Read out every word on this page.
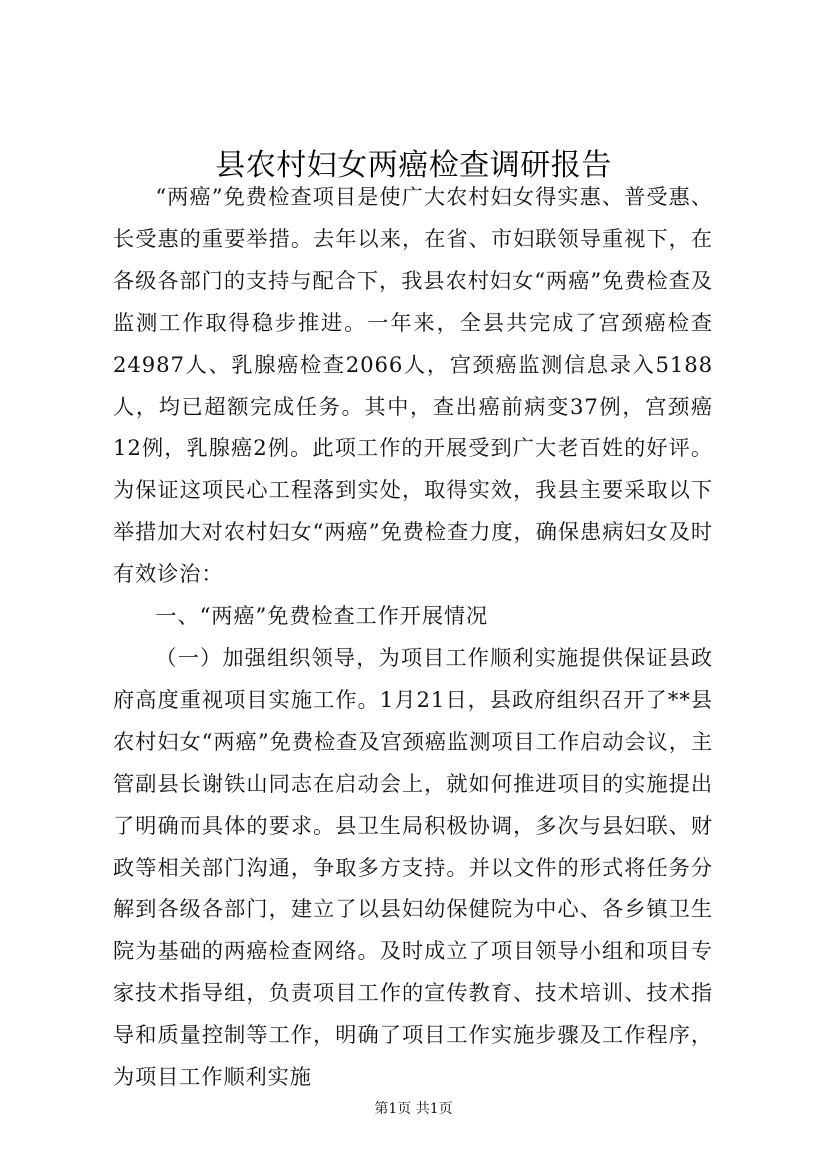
县农村妇女两癌检查调研报告

“两癌”免费检查项目是使广大农村妇女得实惠、普受惠、长受惠的重要举措。去年以来，在省、市妇联领导重视下，在各级各部门的支持与配合下，我县农村妇女“两癌”免费检查及监测工作取得稳步推进。一年来，全县共完成了宫颈癌检查24987人、乳腺癌检查2066人，宫颈癌监测信息录入5188人，均已超额完成任务。其中，查出癌前病变37例，宫颈癌12例，乳腺癌2例。此项工作的开展受到广大老百姓的好评。为保证这项民心工程落到实处，取得实效，我县主要采取以下举措加大对农村妇女“两癌”免费检查力度，确保患病妇女及时有效诊治：

一、“两癌”免费检查工作开展情况

（一）加强组织领导，为项目工作顺利实施提供保证县政府高度重视项目实施工作。1月21日，县政府组织召开了**县农村妇女“两癌”免费检查及宫颈癌监测项目工作启动会议，主管副县长谢铁山同志在启动会上，就如何推进项目的实施提出了明确而具体的要求。县卫生局积极协调，多次与县妇联、财政等相关部门沟通，争取多方支持。并以文件的形式将任务分解到各级各部门，建立了以县妇幼保健院为中心、各乡镇卫生院为基础的两癌检查网络。及时成立了项目领导小组和项目专家技术指导组，负责项目工作的宣传教育、技术培训、技术指导和质量控制等工作，明确了项目工作实施步骤及工作程序，为项目工作顺利实施

第1页 共1页
